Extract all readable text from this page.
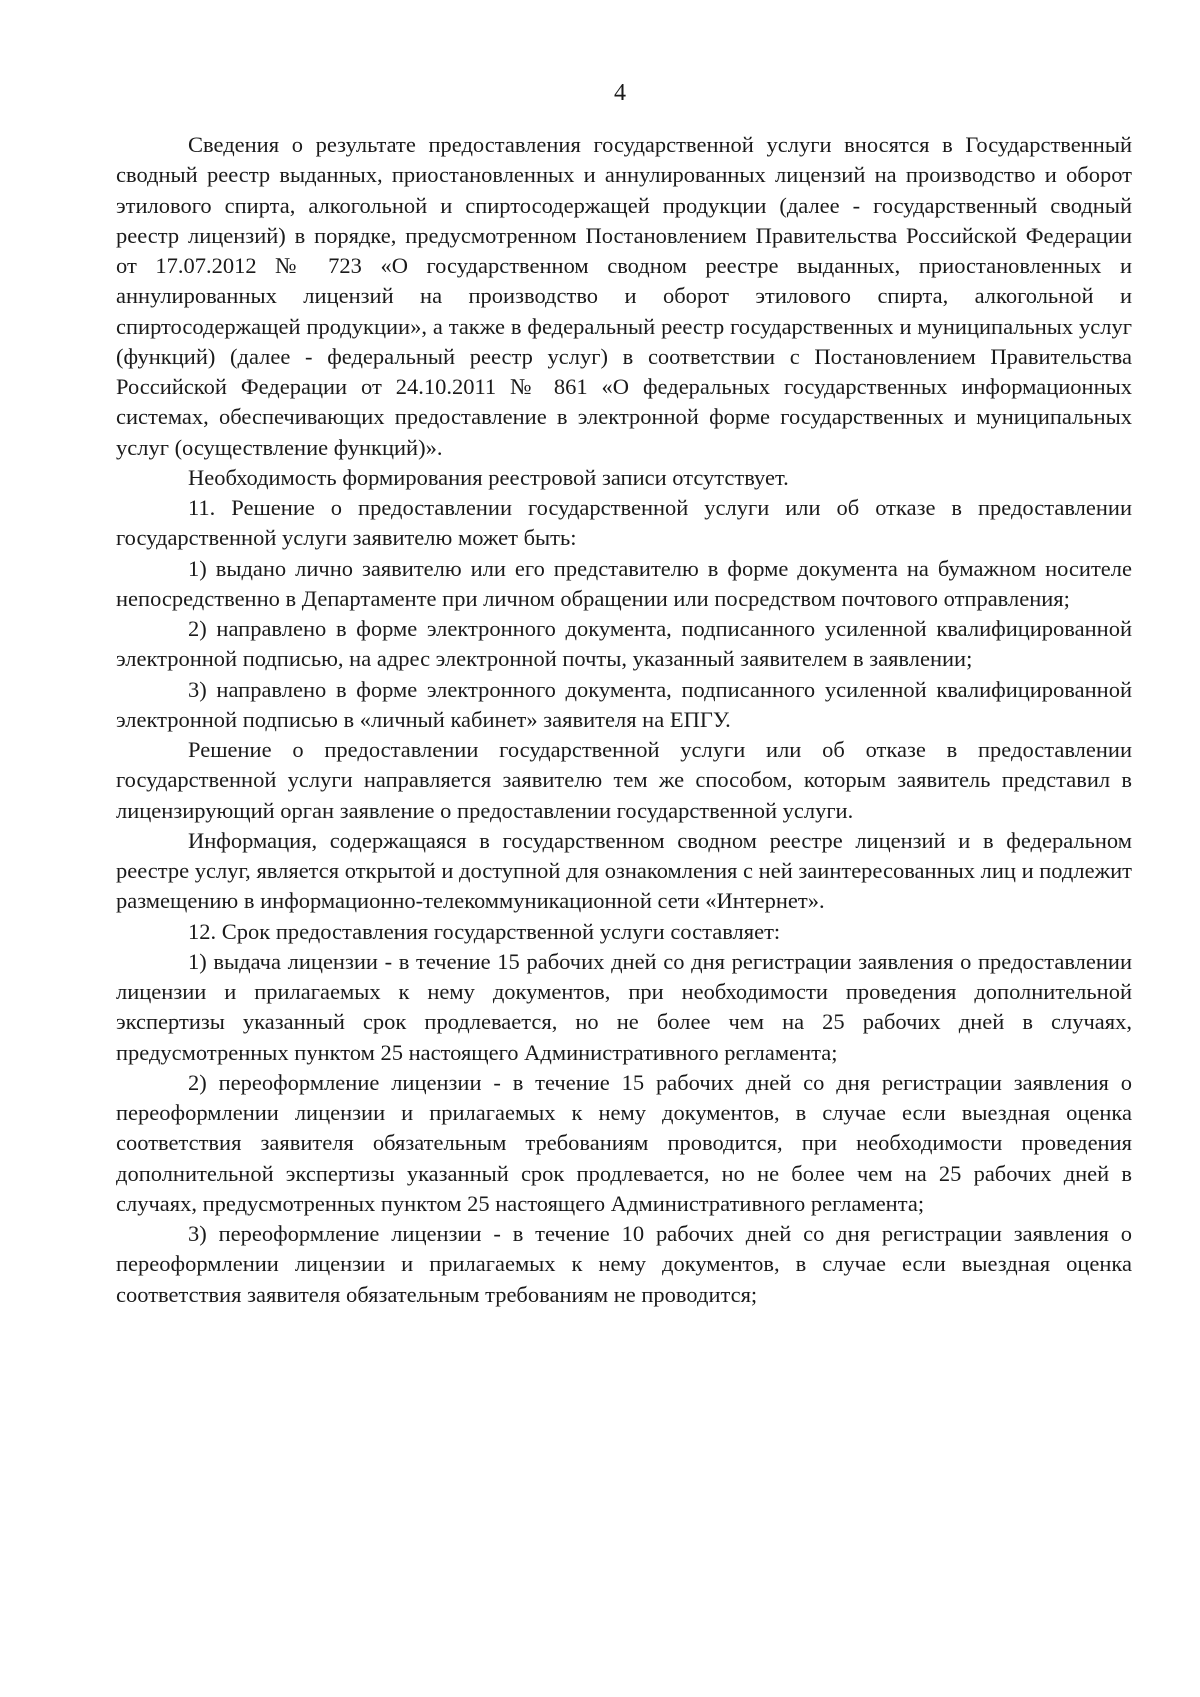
4

Сведения о результате предоставления государственной услуги вносятся в Государственный сводный реестр выданных, приостановленных и аннулированных лицензий на производство и оборот этилового спирта, алкогольной и спиртосодержащей продукции (далее - государственный сводный реестр лицензий) в порядке, предусмотренном Постановлением Правительства Российской Федерации от 17.07.2012 № 723 «О государственном сводном реестре выданных, приостановленных и аннулированных лицензий на производство и оборот этилового спирта, алкогольной и спиртосодержащей продукции», а также в федеральный реестр государственных и муниципальных услуг (функций) (далее - федеральный реестр услуг) в соответствии с Постановлением Правительства Российской Федерации от 24.10.2011 № 861 «О федеральных государственных информационных системах, обеспечивающих предоставление в электронной форме государственных и муниципальных услуг (осуществление функций)».

Необходимость формирования реестровой записи отсутствует.

11. Решение о предоставлении государственной услуги или об отказе в предоставлении государственной услуги заявителю может быть:

1) выдано лично заявителю или его представителю в форме документа на бумажном носителе непосредственно в Департаменте при личном обращении или посредством почтового отправления;

2) направлено в форме электронного документа, подписанного усиленной квалифицированной электронной подписью, на адрес электронной почты, указанный заявителем в заявлении;

3) направлено в форме электронного документа, подписанного усиленной квалифицированной электронной подписью в «личный кабинет» заявителя на ЕПГУ.

Решение о предоставлении государственной услуги или об отказе в предоставлении государственной услуги направляется заявителю тем же способом, которым заявитель представил в лицензирующий орган заявление о предоставлении государственной услуги.

Информация, содержащаяся в государственном сводном реестре лицензий и в федеральном реестре услуг, является открытой и доступной для ознакомления с ней заинтересованных лиц и подлежит размещению в информационно-телекоммуникационной сети «Интернет».

12. Срок предоставления государственной услуги составляет:

1) выдача лицензии - в течение 15 рабочих дней со дня регистрации заявления о предоставлении лицензии и прилагаемых к нему документов, при необходимости проведения дополнительной экспертизы указанный срок продлевается, но не более чем на 25 рабочих дней в случаях, предусмотренных пунктом 25 настоящего Административного регламента;

2) переоформление лицензии - в течение 15 рабочих дней со дня регистрации заявления о переоформлении лицензии и прилагаемых к нему документов, в случае если выездная оценка соответствия заявителя обязательным требованиям проводится, при необходимости проведения дополнительной экспертизы указанный срок продлевается, но не более чем на 25 рабочих дней в случаях, предусмотренных пунктом 25 настоящего Административного регламента;

3) переоформление лицензии - в течение 10 рабочих дней со дня регистрации заявления о переоформлении лицензии и прилагаемых к нему документов, в случае если выездная оценка соответствия заявителя обязательным требованиям не проводится;
